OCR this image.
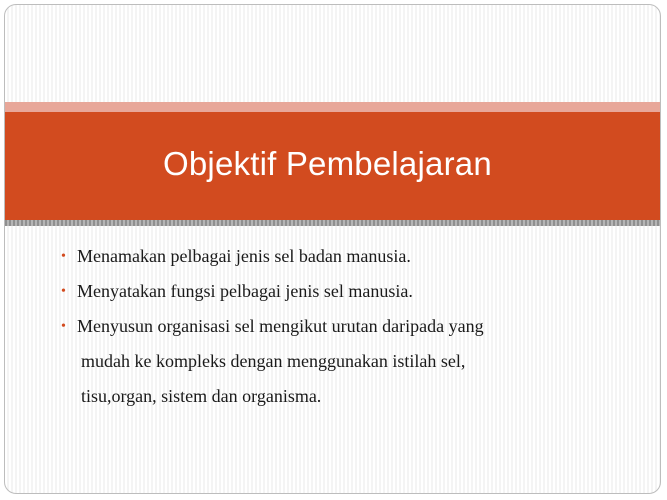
Objektif Pembelajaran
• Menamakan pelbagai jenis sel badan manusia.
• Menyatakan fungsi pelbagai jenis sel manusia.
• Menyusun organisasi sel mengikut urutan daripada yang
mudah ke kompleks dengan menggunakan istilah sel,
tisu,organ, sistem dan organisma.
